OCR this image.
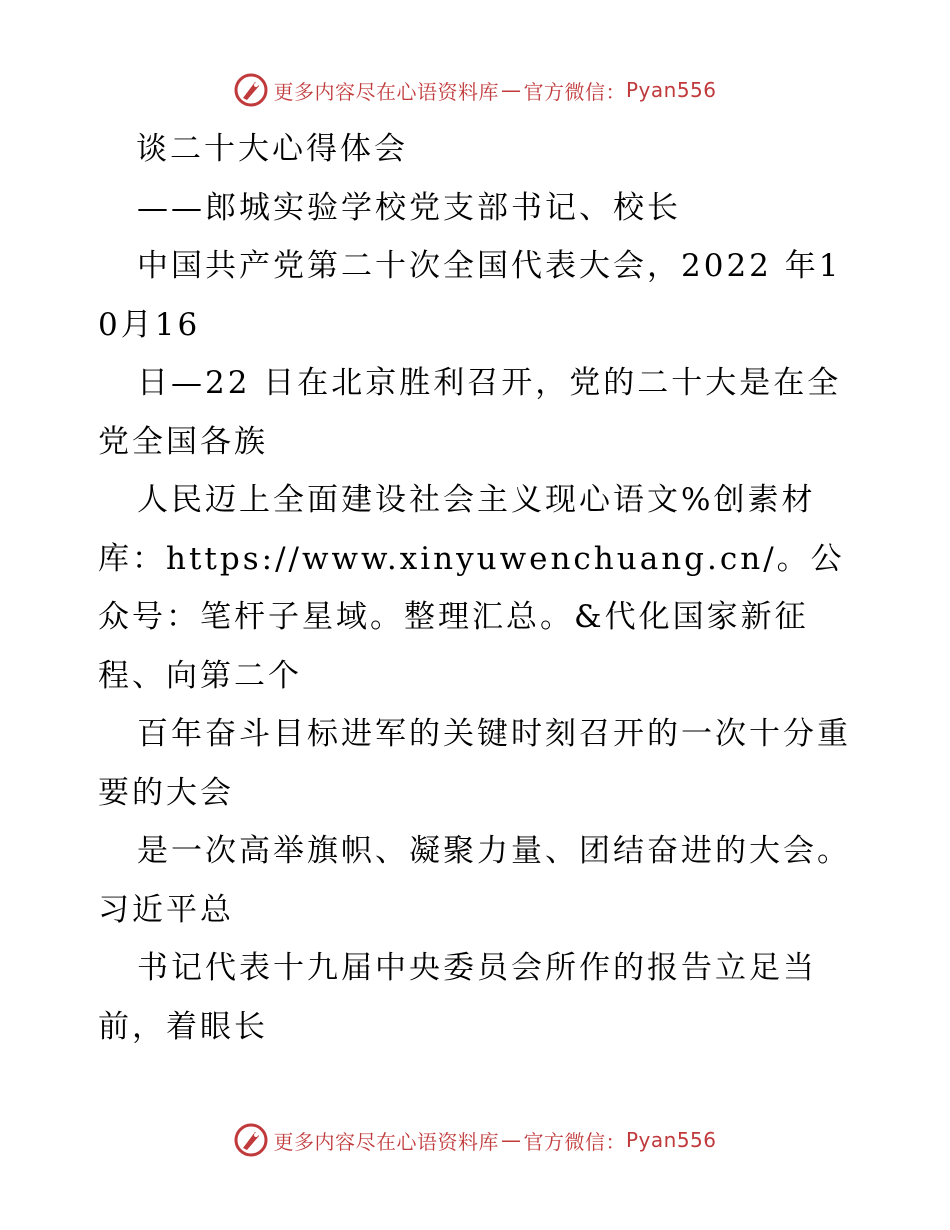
更多内容尽在心语资料库 — 官方微信： Pyan556

谈二十大心得体会

——郎城实验学校党支部书记、校长

中国共产党第二十次全国代表大会，2022 年10月16

日—22 日在北京胜利召开，党的二十大是在全党全国各族

人民迈上全面建设社会主义现心语文%创素材库：https://www.xinyuwenchuang.cn/。公众号：笔杆子星域。整理汇总。&代化国家新征程、向第二个

百年奋斗目标进军的关键时刻召开的一次十分重要的大会

是一次高举旗帜、凝聚力量、团结奋进的大会。习近平总

书记代表十九届中央委员会所作的报告立足当前，着眼长

更多内容尽在心语资料库 — 官方微信： Pyan556
